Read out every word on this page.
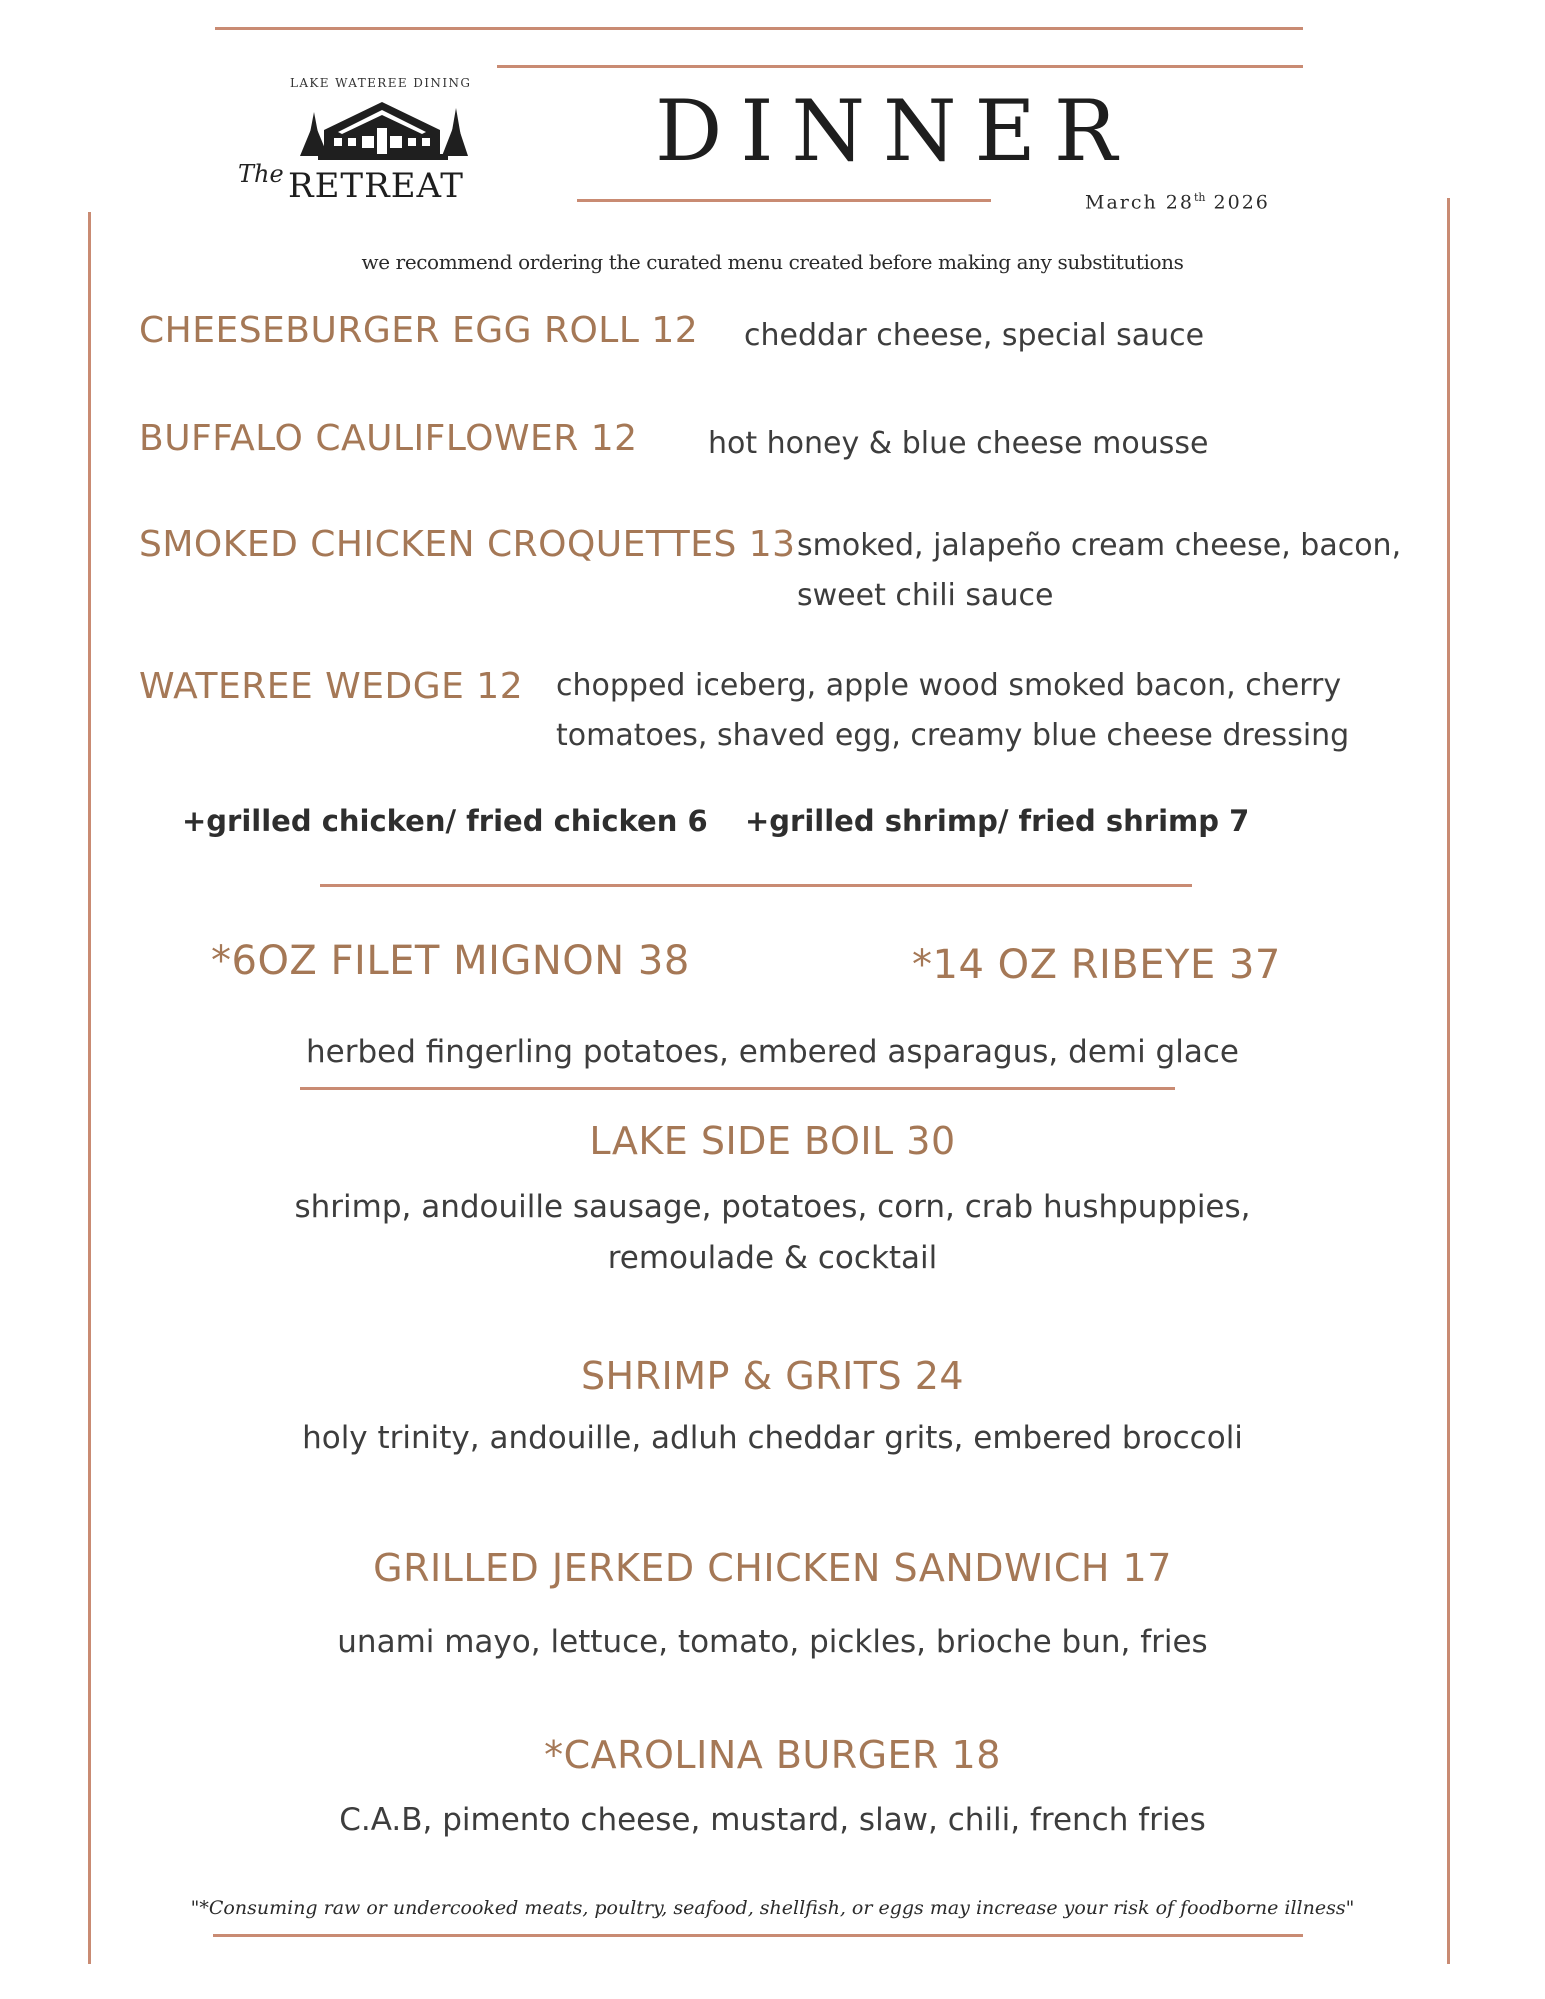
LAKE WATEREE DINING
The RETREAT
DINNER
March 28th 2026
we recommend ordering the curated menu created before making any substitutions
CHEESEBURGER EGG ROLL 12 cheddar cheese, special sauce
BUFFALO CAULIFLOWER 12 hot honey & blue cheese mousse
SMOKED CHICKEN CROQUETTES 13 smoked, jalapeño cream cheese, bacon,
sweet chili sauce
WATEREE WEDGE 12 chopped iceberg, apple wood smoked bacon, cherry
tomatoes, shaved egg, creamy blue cheese dressing
+grilled chicken/ fried chicken 6 +grilled shrimp/ fried shrimp 7
*6OZ FILET MIGNON 38	*14 OZ RIBEYE 37
herbed fingerling potatoes, embered asparagus, demi glace
LAKE SIDE BOIL 30
shrimp, andouille sausage, potatoes, corn, crab hushpuppies,
remoulade & cocktail
SHRIMP & GRITS 24
holy trinity, andouille, adluh cheddar grits, embered broccoli
GRILLED JERKED CHICKEN SANDWICH 17
unami mayo, lettuce, tomato, pickles, brioche bun, fries
*CAROLINA BURGER 18
C.A.B, pimento cheese, mustard, slaw, chili, french fries
"*Consuming raw or undercooked meats, poultry, seafood, shellfish, or eggs may increase your risk of foodborne illness"
